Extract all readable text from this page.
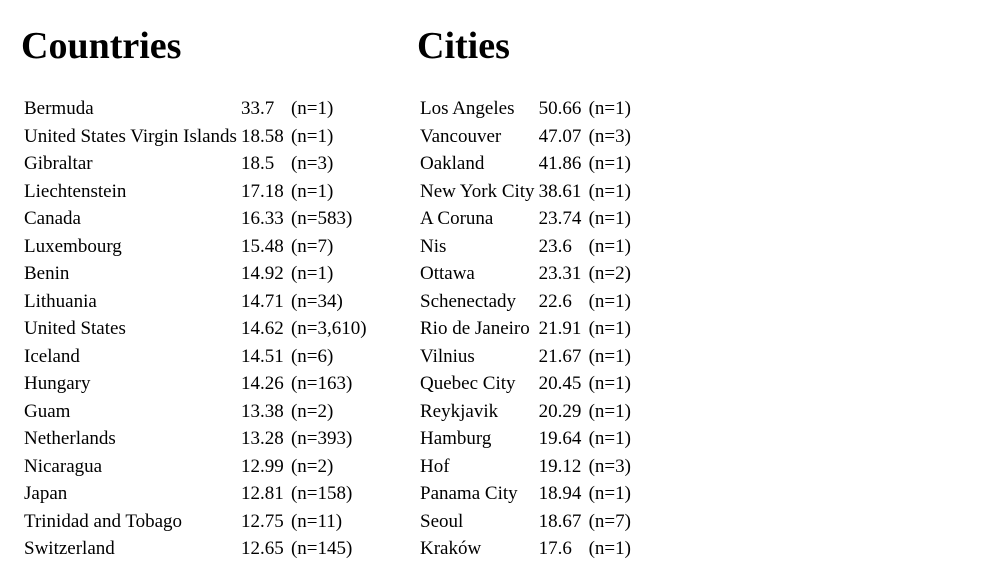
Countries
Bermuda	33.7 (n=1)
United States Virgin Islands	18.58 (n=1)
Gibraltar	18.5 (n=3)
Liechtenstein	17.18 (n=1)
Canada	16.33 (n=583)
Luxembourg	15.48 (n=7)
Benin	14.92 (n=1)
Lithuania	14.71 (n=34)
United States	14.62 (n=3,610)
Iceland	14.51 (n=6)
Hungary	14.26 (n=163)
Guam	13.38 (n=2)
Netherlands	13.28 (n=393)
Nicaragua	12.99 (n=2)
Japan	12.81 (n=158)
Trinidad and Tobago	12.75 (n=11)
Switzerland	12.65 (n=145)
Cities
Los Angeles	50.66 (n=1)
Vancouver	47.07 (n=3)
Oakland	41.86 (n=1)
New York City	38.61 (n=1)
A Coruna	23.74 (n=1)
Nis	23.6 (n=1)
Ottawa	23.31 (n=2)
Schenectady	22.6 (n=1)
Rio de Janeiro	21.91 (n=1)
Vilnius	21.67 (n=1)
Quebec City	20.45 (n=1)
Reykjavik	20.29 (n=1)
Hamburg	19.64 (n=1)
Hof	19.12 (n=3)
Panama City	18.94 (n=1)
Seoul	18.67 (n=7)
Kraków	17.6 (n=1)
